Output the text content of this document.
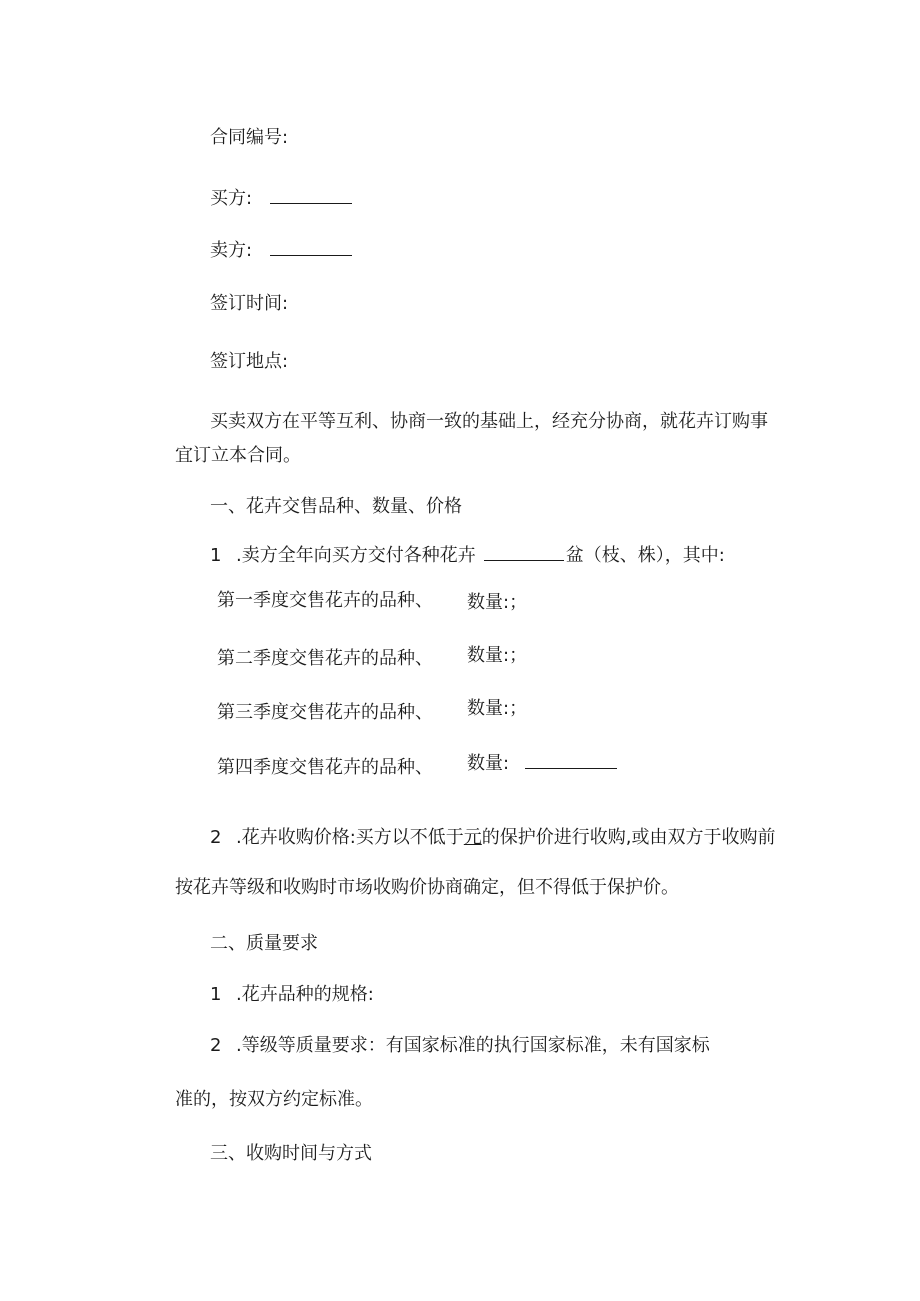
合同编号:
买方:
卖方:
签订时间:
签订地点:
买卖双方在平等互利、协商一致的基础上，经充分协商，就花卉订购事
宜订立本合同。
一、花卉交售品种、数量、价格
1 .卖方全年向买方交付各种花卉	盆（枝、株），其中:
第一季度交售花卉的品种、 数量:；
第二季度交售花卉的品种、 数量:；
第三季度交售花卉的品种、 数量:；
第四季度交售花卉的品种、 数量:
2 .花卉收购价格:买方以不低于元的保护价进行收购,或由双方于收购前
按花卉等级和收购时市场收购价协商确定，但不得低于保护价。
二、质量要求
1 .花卉品种的规格:
2 .等级等质量要求：有国家标准的执行国家标准，未有国家标
准的，按双方约定标准。
三、收购时间与方式
